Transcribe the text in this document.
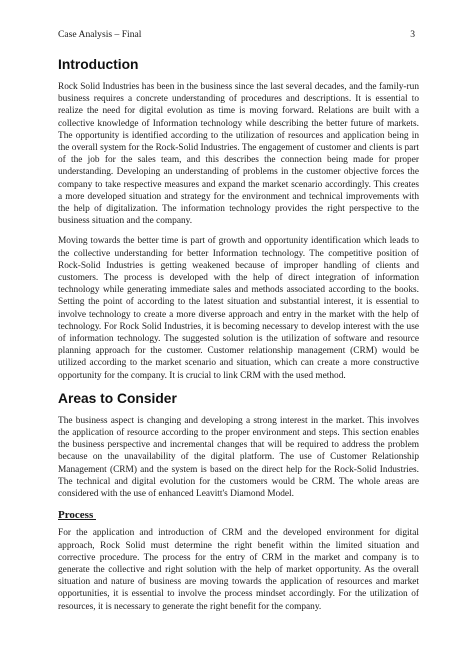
Case Analysis – Final	3
Introduction

Rock Solid Industries has been in the business since the last several decades, and the family-run business requires a concrete understanding of procedures and descriptions. It is essential to realize the need for digital evolution as time is moving forward. Relations are built with a collective knowledge of Information technology while describing the better future of markets. The opportunity is identified according to the utilization of resources and application being in the overall system for the Rock-Solid Industries. The engagement of customer and clients is part of the job for the sales team, and this describes the connection being made for proper understanding. Developing an understanding of problems in the customer objective forces the company to take respective measures and expand the market scenario accordingly. This creates a more developed situation and strategy for the environment and technical improvements with the help of digitalization. The information technology provides the right perspective to the business situation and the company.

Moving towards the better time is part of growth and opportunity identification which leads to the collective understanding for better Information technology. The competitive position of Rock-Solid Industries is getting weakened because of improper handling of clients and customers. The process is developed with the help of direct integration of information technology while generating immediate sales and methods associated according to the books. Setting the point of according to the latest situation and substantial interest, it is essential to involve technology to create a more diverse approach and entry in the market with the help of technology. For Rock Solid Industries, it is becoming necessary to develop interest with the use of information technology. The suggested solution is the utilization of software and resource planning approach for the customer. Customer relationship management (CRM) would be utilized according to the market scenario and situation, which can create a more constructive opportunity for the company. It is crucial to link CRM with the used method.

Areas to Consider

The business aspect is changing and developing a strong interest in the market. This involves the application of resource according to the proper environment and steps. This section enables the business perspective and incremental changes that will be required to address the problem because on the unavailability of the digital platform. The use of Customer Relationship Management (CRM) and the system is based on the direct help for the Rock-Solid Industries. The technical and digital evolution for the customers would be CRM. The whole areas are considered with the use of enhanced Leavitt's Diamond Model.

Process

For the application and introduction of CRM and the developed environment for digital approach, Rock Solid must determine the right benefit within the limited situation and corrective procedure. The process for the entry of CRM in the market and company is to generate the collective and right solution with the help of market opportunity. As the overall situation and nature of business are moving towards the application of resources and market opportunities, it is essential to involve the process mindset accordingly. For the utilization of resources, it is necessary to generate the right benefit for the company.
